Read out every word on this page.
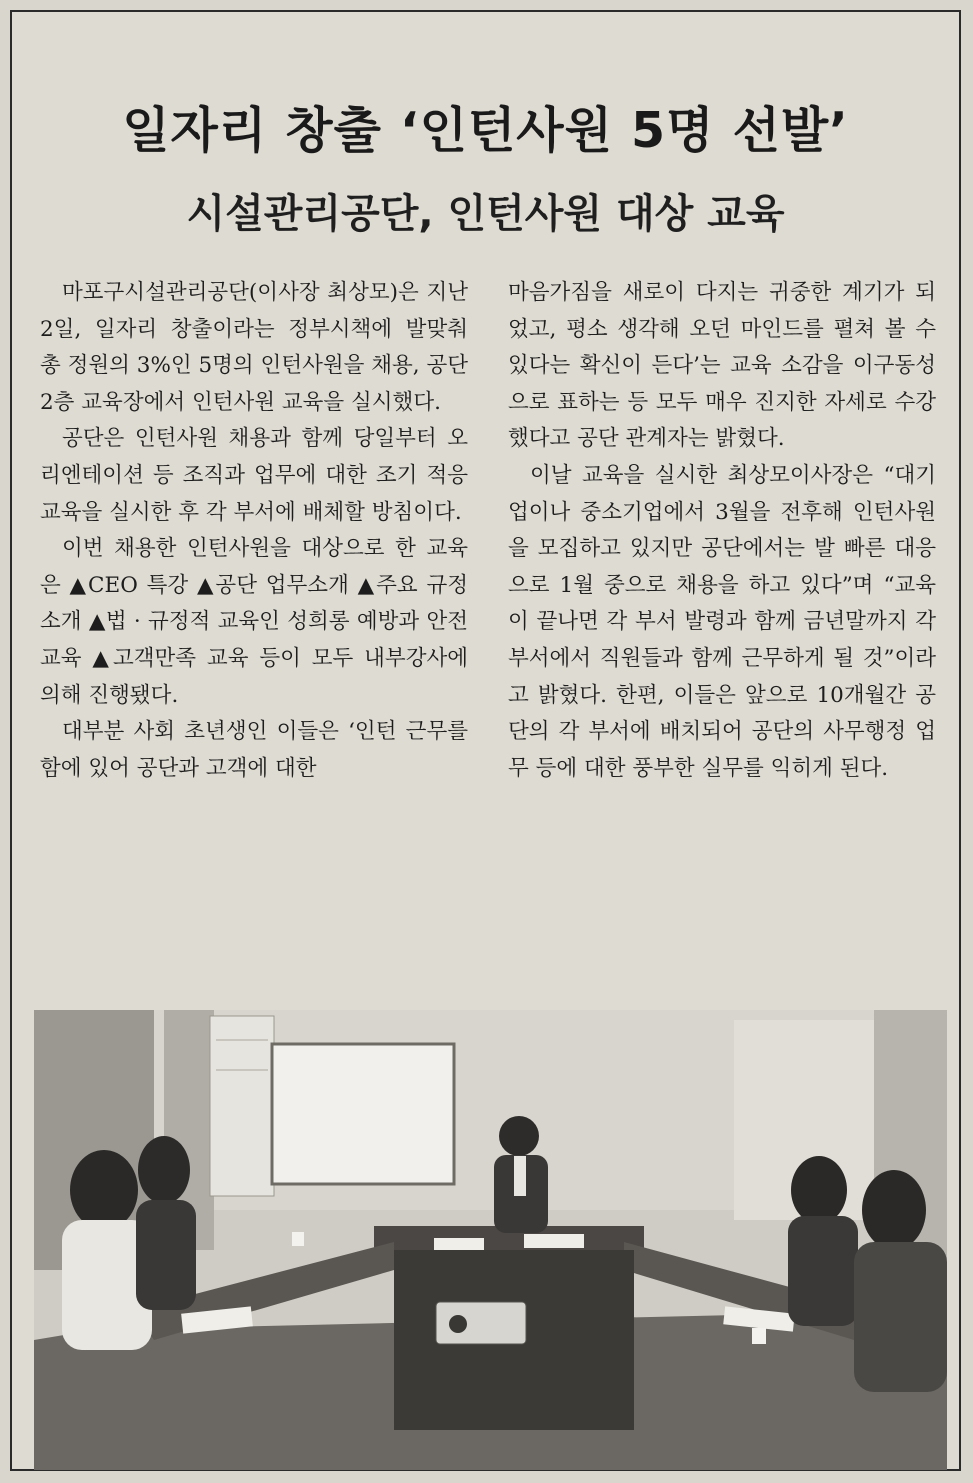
일자리 창출 ‘인턴사원 5명 선발’
시설관리공단, 인턴사원 대상 교육

마포구시설관리공단(이사장 최상모)은 지난 2일, 일자리 창출이라는 정부시책에 발맞춰 총 정원의 3%인 5명의 인턴사원을 채용, 공단 2층 교육장에서 인턴사원 교육을 실시했다.

공단은 인턴사원 채용과 함께 당일부터 오리엔테이션 등 조직과 업무에 대한 조기 적응 교육을 실시한 후 각 부서에 배체할 방침이다.

이번 채용한 인턴사원을 대상으로 한 교육은 ▲CEO 특강 ▲공단 업무소개 ▲주요 규정 소개 ▲법 · 규정적 교육인 성희롱 예방과 안전 교육 ▲고객만족 교육 등이 모두 내부강사에 의해 진행됐다.

대부분 사회 초년생인 이들은 ‘인턴 근무를 함에 있어 공단과 고객에 대한

마음가짐을 새로이 다지는 귀중한 계기가 되었고, 평소 생각해 오던 마인드를 펼쳐 볼 수 있다는 확신이 든다’는 교육 소감을 이구동성으로 표하는 등 모두 매우 진지한 자세로 수강했다고 공단 관계자는 밝혔다.

이날 교육을 실시한 최상모이사장은 “대기업이나 중소기업에서 3월을 전후해 인턴사원을 모집하고 있지만 공단에서는 발 빠른 대응으로 1월 중으로 채용을 하고 있다”며 “교육이 끝나면 각 부서 발령과 함께 금년말까지 각 부서에서 직원들과 함께 근무하게 될 것”이라고 밝혔다. 한편, 이들은 앞으로 10개월간 공단의 각 부서에 배치되어 공단의 사무행정 업무 등에 대한 풍부한 실무를 익히게 된다.
